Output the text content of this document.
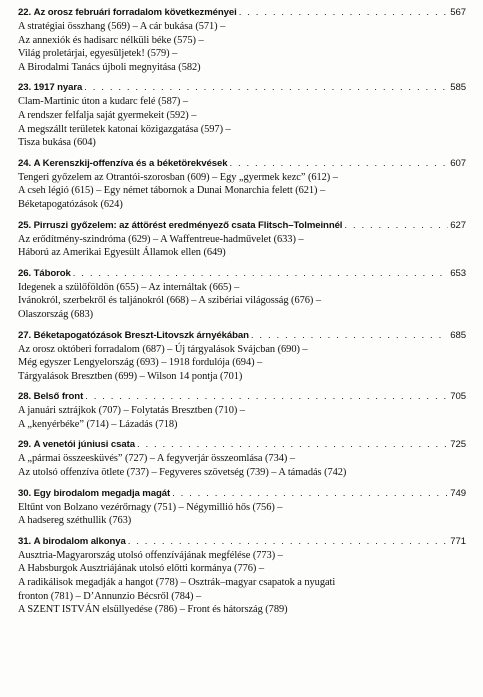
22.
Az orosz februári forradalom következményei . . .	567
A stratégiai összhang (569) – A cár bukása (571) –
Az annexiók és hadisarc nélküli béke (575) –
Világ proletárjai, egyesüljetek! (579) –
A Birodalmi Tanács újboli megnyitása (582)
23.
1917 nyara . . .	585
Clam-Martinic úton a kudarc felé (587) –
A rendszer felfalja saját gyermekeit (592) –
A megszállt területek katonai közigazgatása (597) –
Tisza bukása (604)
24.
A Kerenszkij-offenzíva és a béketörekvések . . .	607
Tengeri győzelem az Otrantói-szorosban (609) – Egy „gyermek kezc” (612) –
A cseh légió (615) – Egy német tábornok a Dunai Monarchia felett (621) –
Béketapogatózások (624)
25.
Pirruszi győzelem: az áttörést eredményező csata Flitsch–Tolmeinnél . . .	627
Az erődítmény-szindróma (629) – A Waffentreue-hadművelet (633) –
Háború az Amerikai Egyesült Államok ellen (649)
26.
Táborok . . .	653
Idegenek a szülőföldön (655) – Az internáltak (665) –
Ivánokról, szerbekről és taljánokról (668) – A szibériai világosság (676) –
Olaszország (683)
27.
Béketapogatózások Breszt-Litovszk árnyékában . . .	685
Az orosz októberi forradalom (687) – Új tárgyalások Svájcban (690) –
Még egyszer Lengyelország (693) – 1918 fordulója (694) –
Tárgyalások Bresztben (699) – Wilson 14 pontja (701)
28.
Belső front . . .	705
A januári sztrájkok (707) – Folytatás Bresztben (710) –
A „kenyérbéke” (714) – Lázadás (718)
29.
A venetói júniusi csata . . .	725
A „pármai összeesküvés” (727) – A fegyverjár összeomlása (734) –
Az utolsó offenzíva ötlete (737) – Fegyveres szövetség (739) – A támadás (742)
30.
Egy birodalom megadja magát . . .	749
Eltűnt von Bolzano vezérőrnagy (751) – Négymillió hős (756) –
A hadsereg széthullik (763)
31.
A birodalom alkonya . . .	771
Ausztria-Magyarország utolsó offenzívájának megfélése (773) –
A Habsburgok Ausztriájának utolsó előtti kormánya (776) –
A radikálisok megadják a hangot (778) – Osztrák–magyar csapatok a nyugati
fronton (781) – D’Annunzio Bécsről (784) –
A SZENT ISTVÁN elsüllyedése (786) – Front és hátország (789)
